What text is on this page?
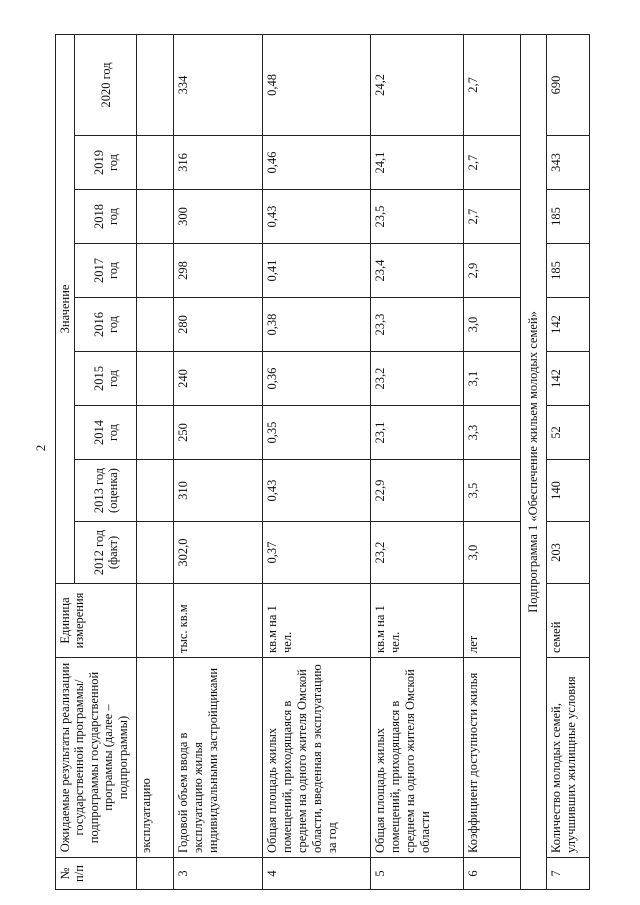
2
№ п/п	Ожидаемые результаты реализации государственной программы/подпрограммы государственной программы (далее – подпрограммы)	Единица измерения	Значение								
			2012 год (факт)	2013 год (оценка)	2014 год	2015 год	2016 год	2017 год	2018 год	2019 год	2020 год
	эксплуатацию										
3	Годовой объем ввода в эксплуатацию жилья индивидуальными застройщиками	тыс. кв.м	302,0	310	250	240	280	298	300	316	334
4	Общая площадь жилых помещений, приходящаяся в среднем на одного жителя Омской области, введенная в эксплуатацию за год	кв.м на 1 чел.	0,37	0,43	0,35	0,36	0,38	0,41	0,43	0,46	0,48
5	Общая площадь жилых помещений, приходящаяся в среднем на одного жителя Омской области	кв.м на 1 чел.	23,2	22,9	23,1	23,2	23,3	23,4	23,5	24,1	24,2
6	Коэффициент доступности жилья	лет	3,0	3,5	3,3	3,1	3,0	2,9	2,7	2,7	2,7
Подпрограмма 1 «Обеспечение жильем молодых семей»											
7	Количество молодых семей, улучшивших жилищные условия	семей	203	140	52	142	142	185	185	343	690
